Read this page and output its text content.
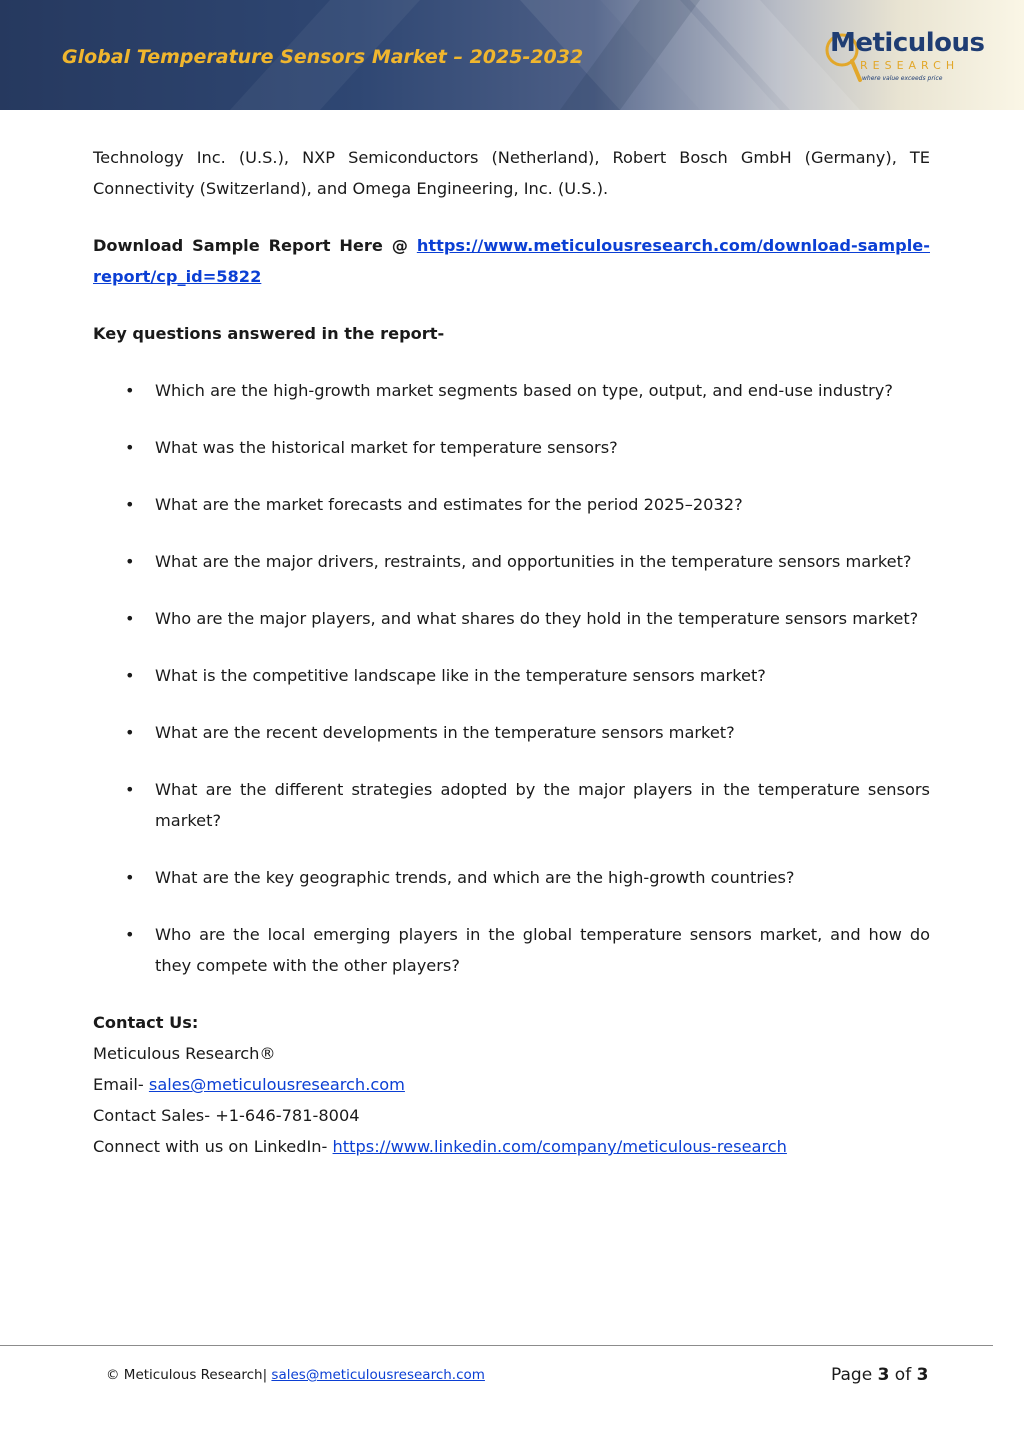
Global Temperature Sensors Market – 2025-2032	Meticulous
RESEARCH
where value exceeds price

Technology Inc. (U.S.), NXP Semiconductors (Netherland), Robert Bosch GmbH (Germany), TE Connectivity (Switzerland), and Omega Engineering, Inc. (U.S.).

Download Sample Report Here @ https://www.meticulousresearch.com/download-sample-report/cp_id=5822

Key questions answered in the report-

• Which are the high-growth market segments based on type, output, and end-use industry?
• What was the historical market for temperature sensors?
• What are the market forecasts and estimates for the period 2025–2032?
• What are the major drivers, restraints, and opportunities in the temperature sensors market?
• Who are the major players, and what shares do they hold in the temperature sensors market?
• What is the competitive landscape like in the temperature sensors market?
• What are the recent developments in the temperature sensors market?
• What are the different strategies adopted by the major players in the temperature sensors market?
• What are the key geographic trends, and which are the high-growth countries?
• Who are the local emerging players in the global temperature sensors market, and how do they compete with the other players?
Contact Us:
Meticulous Research®
Email- sales@meticulousresearch.com
Contact Sales- +1-646-781-8004
Connect with us on LinkedIn- https://www.linkedin.com/company/meticulous-research
© Meticulous Research| sales@meticulousresearch.com	Page 3 of 3
